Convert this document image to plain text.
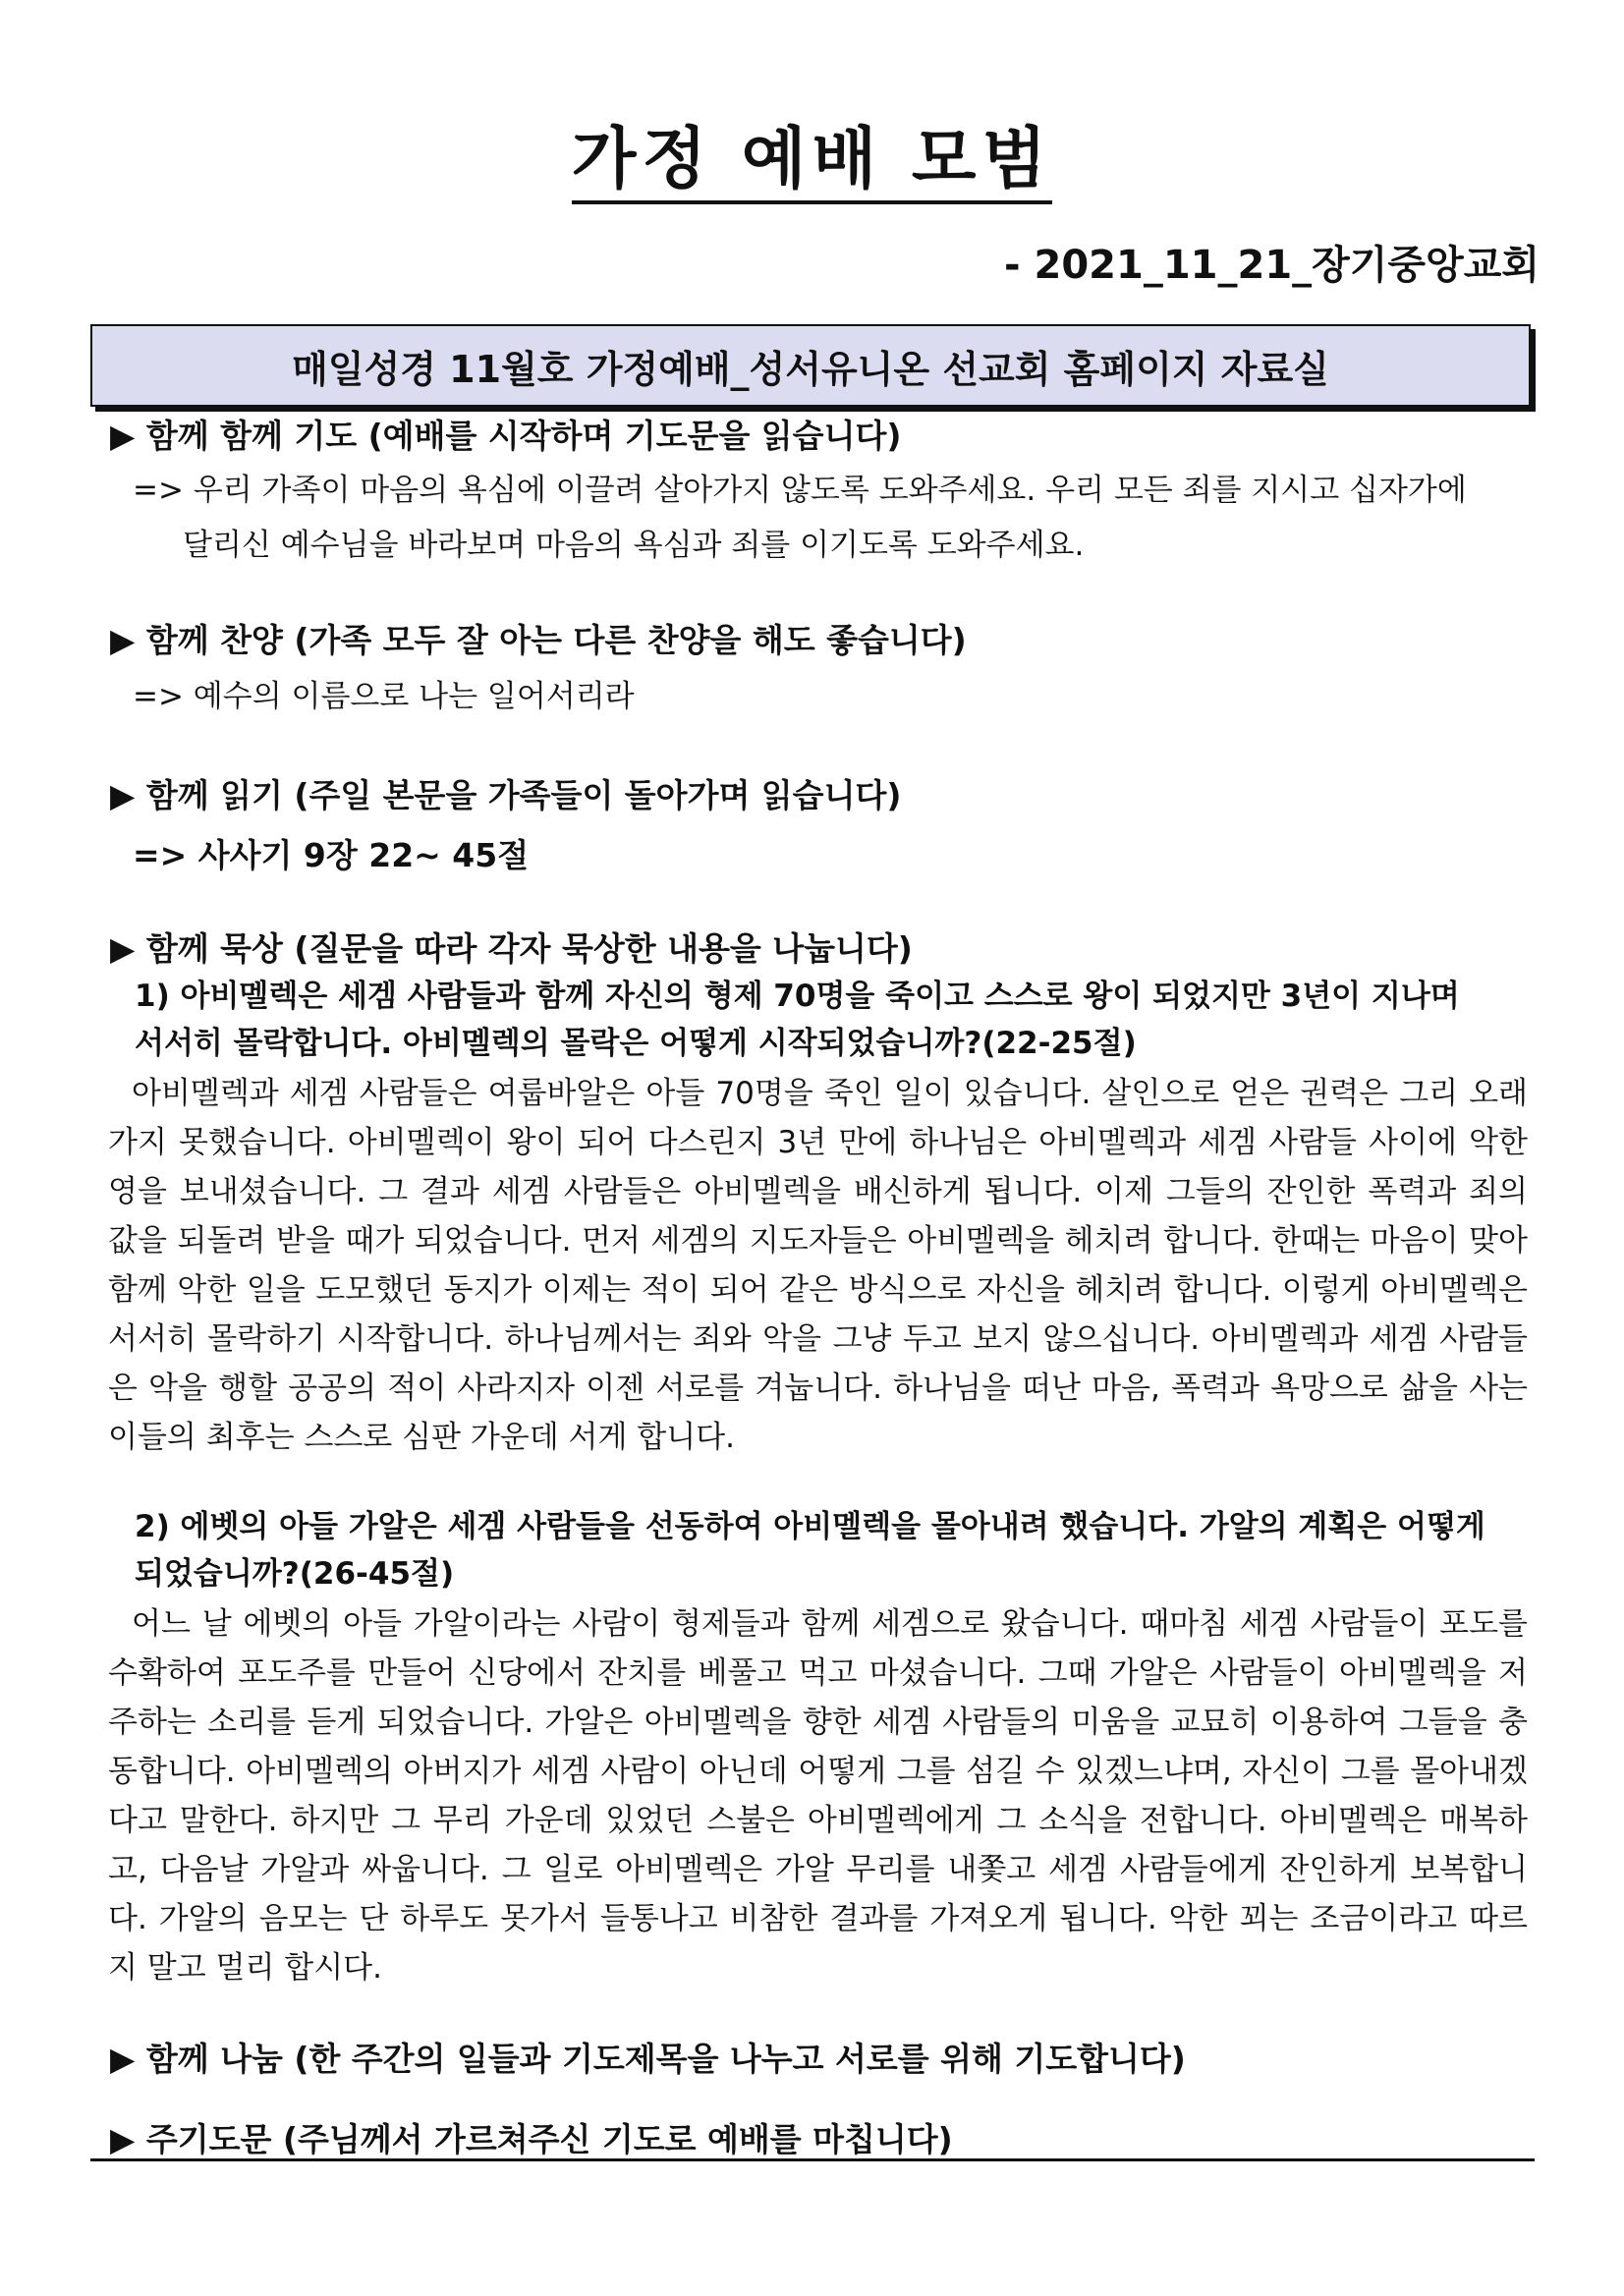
가정 예배 모범
- 2021_11_21_장기중앙교회
매일성경 11월호 가정예배_성서유니온 선교회 홈페이지 자료실
▶ 함께 함께 기도 (예배를 시작하며 기도문을 읽습니다)
=> 우리 가족이 마음의 욕심에 이끌려 살아가지 않도록 도와주세요. 우리 모든 죄를 지시고 십자가에
달리신 예수님을 바라보며 마음의 욕심과 죄를 이기도록 도와주세요.
▶ 함께 찬양 (가족 모두 잘 아는 다른 찬양을 해도 좋습니다)
=> 예수의 이름으로 나는 일어서리라
▶ 함께 읽기 (주일 본문을 가족들이 돌아가며 읽습니다)
=> 사사기 9장 22~ 45절
▶ 함께 묵상 (질문을 따라 각자 묵상한 내용을 나눕니다)
1) 아비멜렉은 세겜 사람들과 함께 자신의 형제 70명을 죽이고 스스로 왕이 되었지만 3년이 지나며
서서히 몰락합니다. 아비멜렉의 몰락은 어떻게 시작되었습니까?(22-25절)
아비멜렉과 세겜 사람들은 여룹바알은 아들 70명을 죽인 일이 있습니다. 살인으로 얻은 권력은 그리 오래가지 못했습니다. 아비멜렉이 왕이 되어 다스린지 3년 만에 하나님은 아비멜렉과 세겜 사람들 사이에 악한 영을 보내셨습니다. 그 결과 세겜 사람들은 아비멜렉을 배신하게 됩니다. 이제 그들의 잔인한 폭력과 죄의 값을 되돌려 받을 때가 되었습니다. 먼저 세겜의 지도자들은 아비멜렉을 헤치려 합니다. 한때는 마음이 맞아 함께 악한 일을 도모했던 동지가 이제는 적이 되어 같은 방식으로 자신을 헤치려 합니다. 이렇게 아비멜렉은 서서히 몰락하기 시작합니다. 하나님께서는 죄와 악을 그냥 두고 보지 않으십니다. 아비멜렉과 세겜 사람들은 악을 행할 공공의 적이 사라지자 이젠 서로를 겨눕니다. 하나님을 떠난 마음, 폭력과 욕망으로 삶을 사는 이들의 최후는 스스로 심판 가운데 서게 합니다.
2) 에벳의 아들 가알은 세겜 사람들을 선동하여 아비멜렉을 몰아내려 했습니다. 가알의 계획은 어떻게
되었습니까?(26-45절)
어느 날 에벳의 아들 가알이라는 사람이 형제들과 함께 세겜으로 왔습니다. 때마침 세겜 사람들이 포도를 수확하여 포도주를 만들어 신당에서 잔치를 베풀고 먹고 마셨습니다. 그때 가알은 사람들이 아비멜렉을 저주하는 소리를 듣게 되었습니다. 가알은 아비멜렉을 향한 세겜 사람들의 미움을 교묘히 이용하여 그들을 충동합니다. 아비멜렉의 아버지가 세겜 사람이 아닌데 어떻게 그를 섬길 수 있겠느냐며, 자신이 그를 몰아내겠다고 말한다. 하지만 그 무리 가운데 있었던 스불은 아비멜렉에게 그 소식을 전합니다. 아비멜렉은 매복하고, 다음날 가알과 싸웁니다. 그 일로 아비멜렉은 가알 무리를 내쫓고 세겜 사람들에게 잔인하게 보복합니다. 가알의 음모는 단 하루도 못가서 들통나고 비참한 결과를 가져오게 됩니다. 악한 꾀는 조금이라고 따르지 말고 멀리 합시다.
▶ 함께 나눔 (한 주간의 일들과 기도제목을 나누고 서로를 위해 기도합니다)
▶ 주기도문 (주님께서 가르쳐주신 기도로 예배를 마칩니다)
